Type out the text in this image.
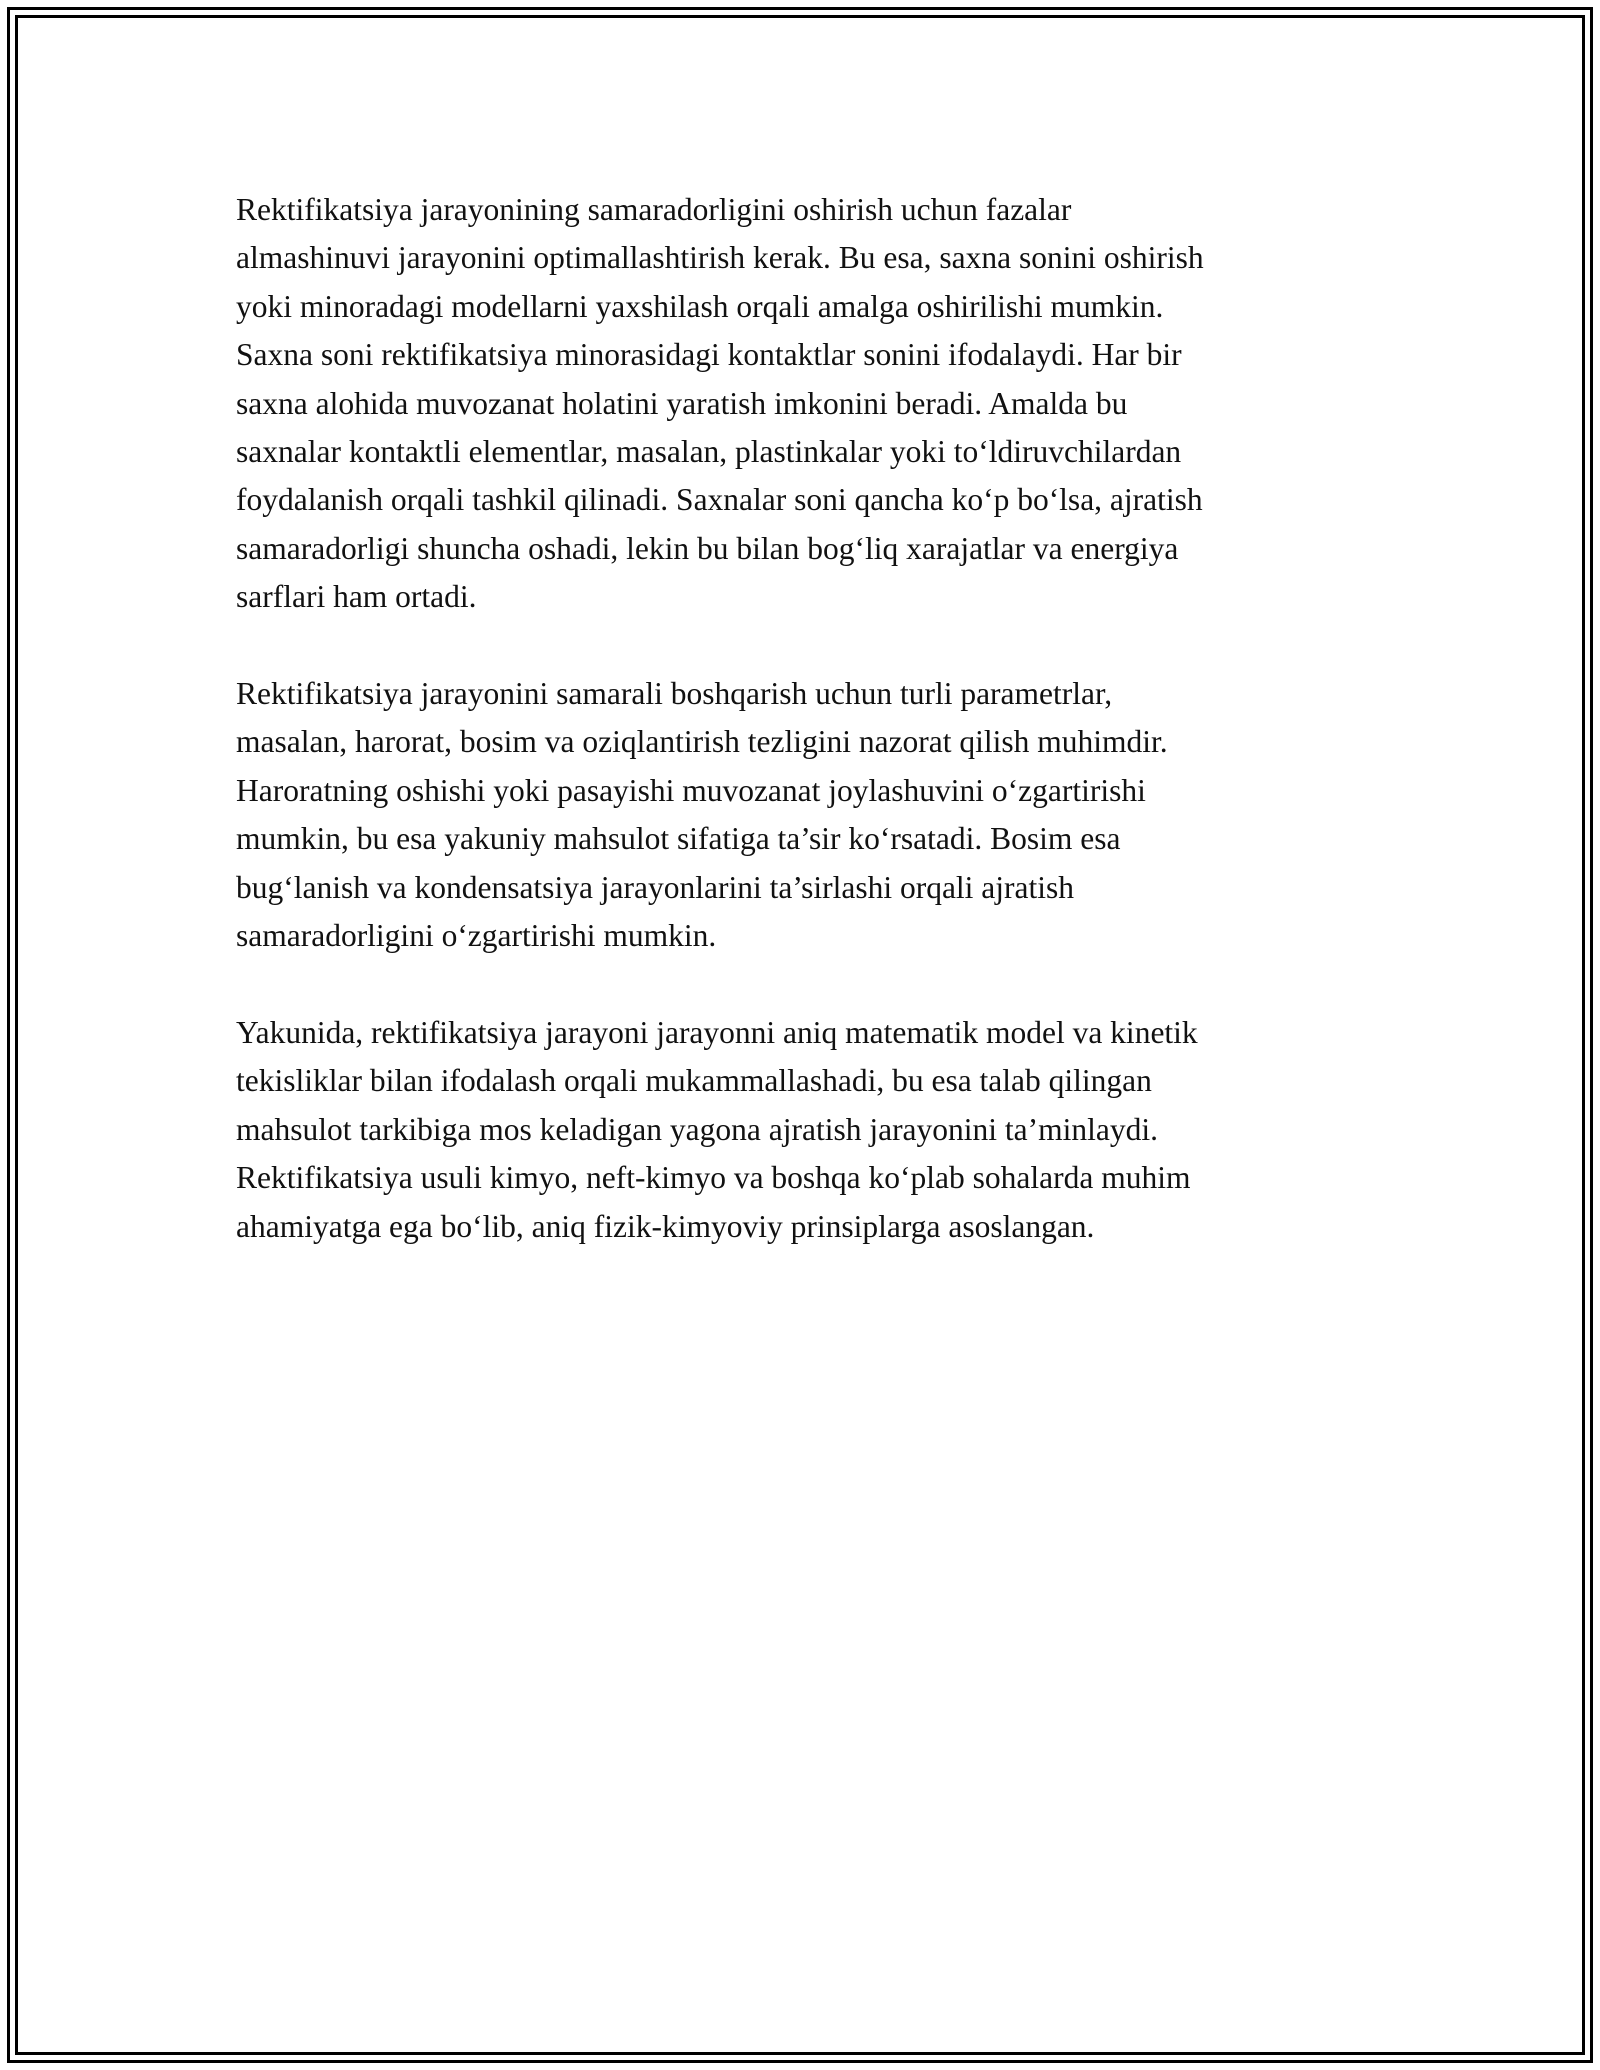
Rektifikatsiya jarayonining samaradorligini oshirish uchun fazalar
almashinuvi jarayonini optimallashtirish kerak. Bu esa, saxna sonini oshirish
yoki minoradagi modellarni yaxshilash orqali amalga oshirilishi mumkin.
Saxna soni rektifikatsiya minorasidagi kontaktlar sonini ifodalaydi. Har bir
saxna alohida muvozanat holatini yaratish imkonini beradi. Amalda bu
saxnalar kontaktli elementlar, masalan, plastinkalar yoki to‘ldiruvchilardan
foydalanish orqali tashkil qilinadi. Saxnalar soni qancha ko‘p bo‘lsa, ajratish
samaradorligi shuncha oshadi, lekin bu bilan bog‘liq xarajatlar va energiya
sarflari ham ortadi.

Rektifikatsiya jarayonini samarali boshqarish uchun turli parametrlar,
masalan, harorat, bosim va oziqlantirish tezligini nazorat qilish muhimdir.
Haroratning oshishi yoki pasayishi muvozanat joylashuvini o‘zgartirishi
mumkin, bu esa yakuniy mahsulot sifatiga ta’sir ko‘rsatadi. Bosim esa
bug‘lanish va kondensatsiya jarayonlarini ta’sirlashi orqali ajratish
samaradorligini o‘zgartirishi mumkin.

Yakunida, rektifikatsiya jarayoni jarayonni aniq matematik model va kinetik
tekisliklar bilan ifodalash orqali mukammallashadi, bu esa talab qilingan
mahsulot tarkibiga mos keladigan yagona ajratish jarayonini ta’minlaydi.
Rektifikatsiya usuli kimyo, neft-kimyo va boshqa ko‘plab sohalarda muhim
ahamiyatga ega bo‘lib, aniq fizik-kimyoviy prinsiplarga asoslangan.
